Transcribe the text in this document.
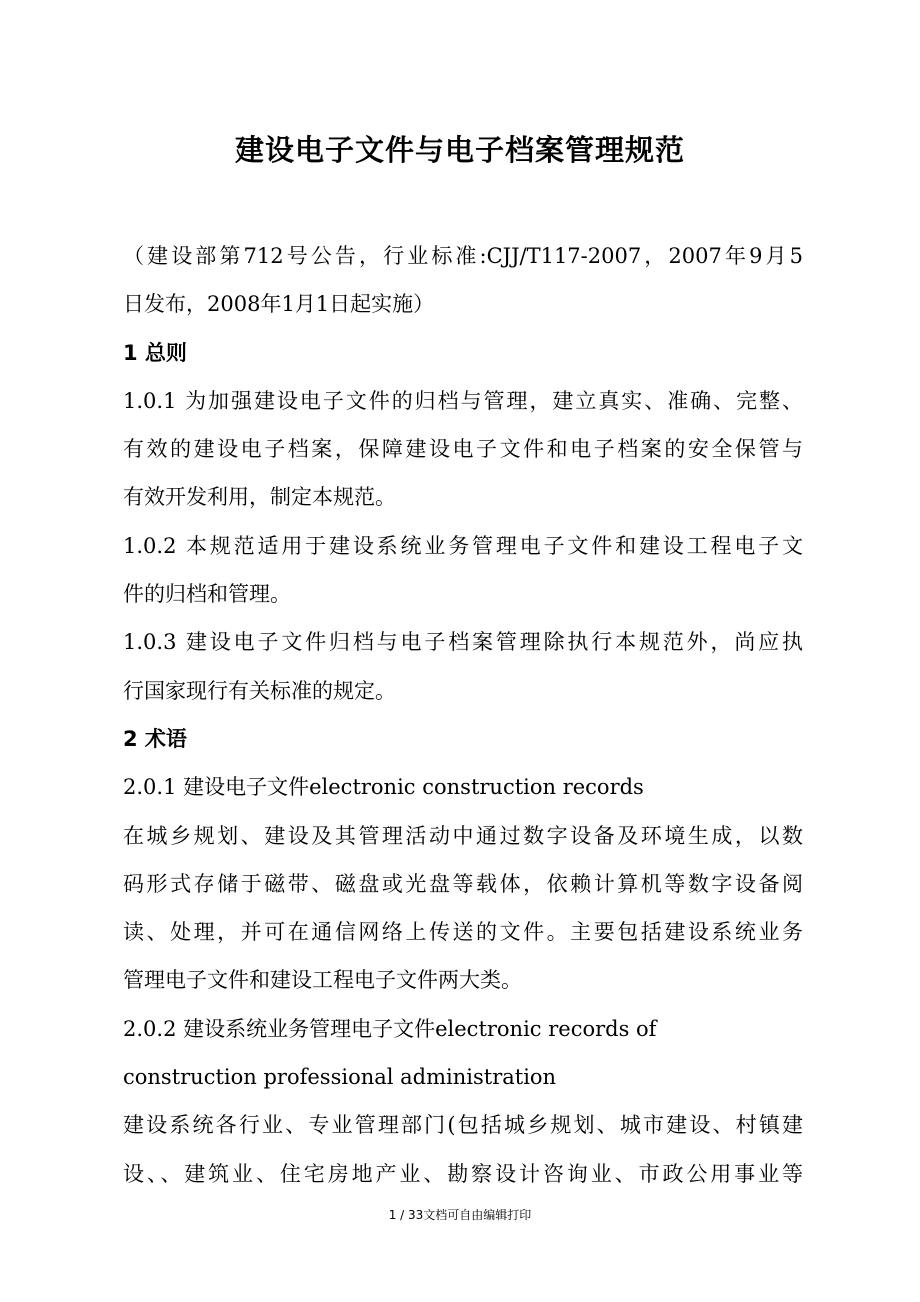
建设电子文件与电子档案管理规范
（建设部第712号公告，行业标准:CJJ/T117-2007，2007年9月5
日发布，2008年1月1日起实施）
1 总则
1.0.1 为加强建设电子文件的归档与管理，建立真实、准确、完整、
有效的建设电子档案，保障建设电子文件和电子档案的安全保管与
有效开发利用，制定本规范。
1.0.2 本规范适用于建设系统业务管理电子文件和建设工程电子文
件的归档和管理。
1.0.3 建设电子文件归档与电子档案管理除执行本规范外，尚应执
行国家现行有关标准的规定。
2 术语
2.0.1 建设电子文件electronic construction records
在城乡规划、建设及其管理活动中通过数字设备及环境生成，以数
码形式存储于磁带、磁盘或光盘等载体，依赖计算机等数字设备阅
读、处理，并可在通信网络上传送的文件。主要包括建设系统业务
管理电子文件和建设工程电子文件两大类。
2.0.2 建设系统业务管理电子文件electronic records of
construction professional administration
建设系统各行业、专业管理部门(包括城乡规划、城市建设、村镇建
设、、建筑业、住宅房地产业、勘察设计咨询业、市政公用事业等
1 / 33文档可自由编辑打印
